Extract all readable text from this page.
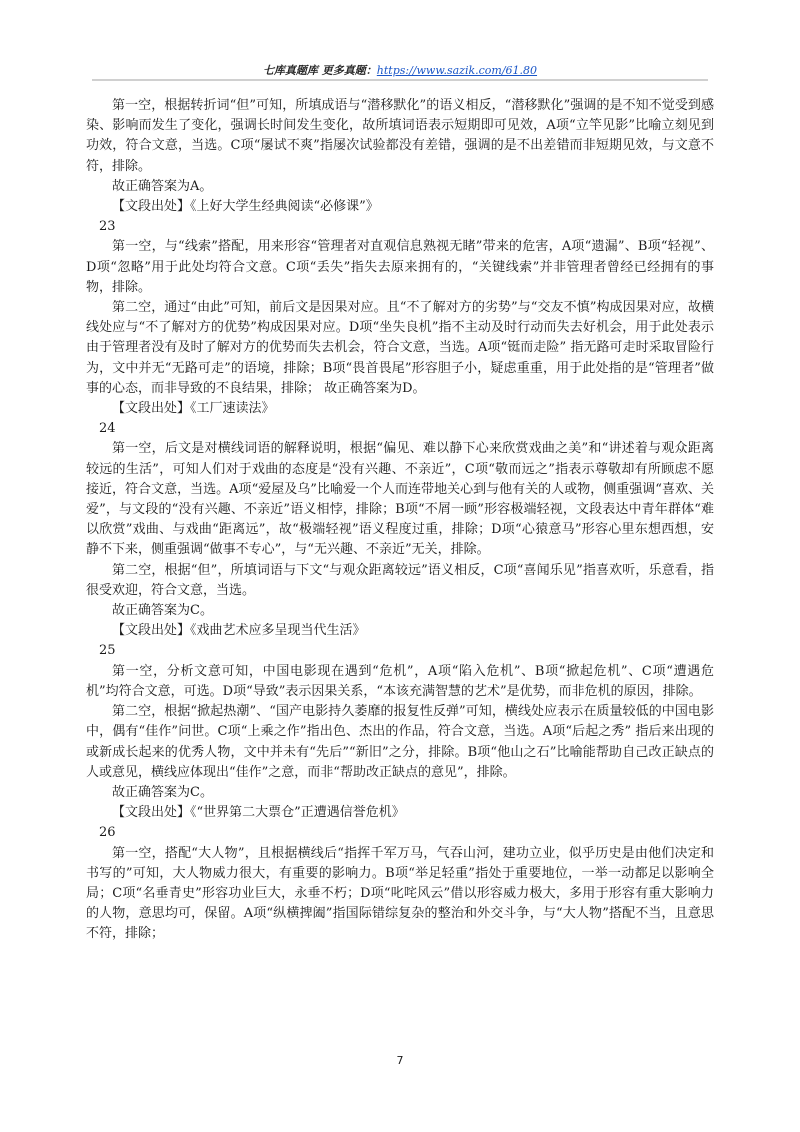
七库真题库 更多真题：https://www.sazik.com/61.80

第一空，根据转折词“但”可知，所填成语与“潜移默化”的语义相反，“潜移默化”强调的是不知不觉受到感染、影响而发生了变化，强调长时间发生变化，故所填词语表示短期即可见效，A项“立竿见影”比喻立刻见到功效，符合文意，当选。C项“屡试不爽”指屡次试验都没有差错，强调的是不出差错而非短期见效，与文意不符，排除。

故正确答案为A。

【文段出处】《上好大学生经典阅读“必修课”》

23

第一空，与“线索”搭配，用来形容“管理者对直观信息熟视无睹”带来的危害，A项“遗漏”、B项“轻视”、D项“忽略”用于此处均符合文意。C项“丢失”指失去原来拥有的，“关键线索”并非管理者曾经已经拥有的事物，排除。

第二空，通过“由此”可知，前后文是因果对应。且“不了解对方的劣势”与“交友不慎”构成因果对应，故横线处应与“不了解对方的优势”构成因果对应。D项“坐失良机”指不主动及时行动而失去好机会，用于此处表示由于管理者没有及时了解对方的优势而失去机会，符合文意，当选。A项“铤而走险” 指无路可走时采取冒险行为，文中并无“无路可走”的语境，排除；B项“畏首畏尾”形容胆子小，疑虑重重，用于此处指的是“管理者”做事的心态，而非导致的不良结果，排除； 故正确答案为D。

【文段出处】《工厂速读法》

24

第一空，后文是对横线词语的解释说明，根据“偏见、难以静下心来欣赏戏曲之美”和“讲述着与观众距离较远的生活”，可知人们对于戏曲的态度是“没有兴趣、不亲近”，C项“敬而远之”指表示尊敬却有所顾虑不愿接近，符合文意，当选。A项“爱屋及乌”比喻爱一个人而连带地关心到与他有关的人或物，侧重强调“喜欢、关爱”，与文段的“没有兴趣、不亲近”语义相悖，排除；B项“不屑一顾”形容极端轻视，文段表达中青年群体“难以欣赏”戏曲、与戏曲“距离远”，故“极端轻视”语义程度过重，排除；D项“心猿意马”形容心里东想西想，安静不下来，侧重强调“做事不专心”，与“无兴趣、不亲近”无关，排除。

第二空，根据“但”，所填词语与下文“与观众距离较远”语义相反，C项“喜闻乐见”指喜欢听，乐意看，指很受欢迎，符合文意，当选。

故正确答案为C。

【文段出处】《戏曲艺术应多呈现当代生活》

25

第一空，分析文意可知，中国电影现在遇到“危机”，A项“陷入危机”、B项“掀起危机”、C项“遭遇危机”均符合文意，可选。D项“导致”表示因果关系，“本该充满智慧的艺术”是优势，而非危机的原因，排除。

第二空，根据“掀起热潮”、“国产电影持久萎靡的报复性反弹”可知，横线处应表示在质量较低的中国电影中，偶有“佳作”问世。C项“上乘之作”指出色、杰出的作品，符合文意，当选。A项“后起之秀” 指后来出现的或新成长起来的优秀人物，文中并未有“先后”“新旧”之分，排除。B项“他山之石”比喻能帮助自己改正缺点的人或意见，横线应体现出“佳作”之意，而非“帮助改正缺点的意见”，排除。

故正确答案为C。

【文段出处】《“世界第二大票仓”正遭遇信誉危机》

26

第一空，搭配“大人物”，且根据横线后“指挥千军万马，气吞山河，建功立业，似乎历史是由他们决定和书写的”可知，大人物威力很大，有重要的影响力。B项“举足轻重”指处于重要地位，一举一动都足以影响全局；C项“名垂青史”形容功业巨大，永垂不朽；D项“叱咤风云”借以形容威力极大，多用于形容有重大影响力的人物，意思均可，保留。A项“纵横捭阖”指国际错综复杂的整治和外交斗争，与“大人物”搭配不当，且意思不符，排除；

7
